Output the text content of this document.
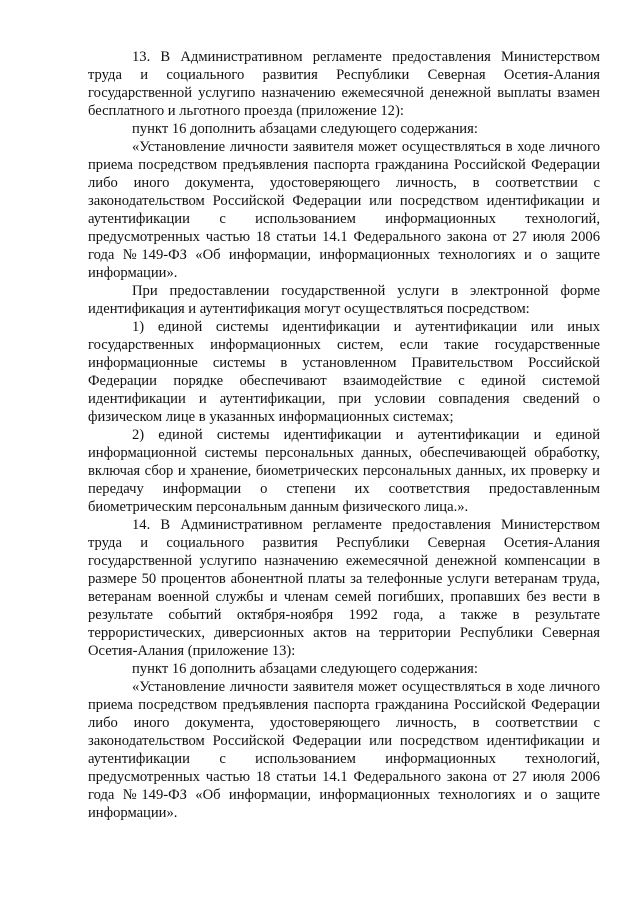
13. В Административном регламенте предоставления Министерством труда и социального развития Республики Северная Осетия-Алания государственной услугипо назначению ежемесячной денежной выплаты взамен бесплатного и льготного проезда (приложение 12):

пункт 16 дополнить абзацами следующего содержания:

«Установление личности заявителя может осуществляться в ходе личного приема посредством предъявления паспорта гражданина Российской Федерации либо иного документа, удостоверяющего личность, в соответствии с законодательством Российской Федерации или посредством идентификации и аутентификации с использованием информационных технологий, предусмотренных частью 18 статьи 14.1 Федерального закона от 27 июля 2006 года №149-ФЗ «Об информации, информационных технологиях и о защите информации».

При предоставлении государственной услуги в электронной форме идентификация и аутентификация могут осуществляться посредством:

1) единой системы идентификации и аутентификации или иных государственных информационных систем, если такие государственные информационные системы в установленном Правительством Российской Федерации порядке обеспечивают взаимодействие с единой системой идентификации и аутентификации, при условии совпадения сведений о физическом лице в указанных информационных системах;

2) единой системы идентификации и аутентификации и единой информационной системы персональных данных, обеспечивающей обработку, включая сбор и хранение, биометрических персональных данных, их проверку и передачу информации о степени их соответствия предоставленным биометрическим персональным данным физического лица.».

14. В Административном регламенте предоставления Министерством труда и социального развития Республики Северная Осетия-Алания государственной услугипо назначению ежемесячной денежной компенсации в размере 50 процентов абонентной платы за телефонные услуги ветеранам труда, ветеранам военной службы и членам семей погибших, пропавших без вести в результате событий октября-ноября 1992 года, а также в результате террористических, диверсионных актов на территории Республики Северная Осетия-Алания (приложение 13):

пункт 16 дополнить абзацами следующего содержания:

«Установление личности заявителя может осуществляться в ходе личного приема посредством предъявления паспорта гражданина Российской Федерации либо иного документа, удостоверяющего личность, в соответствии с законодательством Российской Федерации или посредством идентификации и аутентификации с использованием информационных технологий, предусмотренных частью 18 статьи 14.1 Федерального закона от 27 июля 2006 года №149-ФЗ «Об информации, информационных технологиях и о защите информации».
